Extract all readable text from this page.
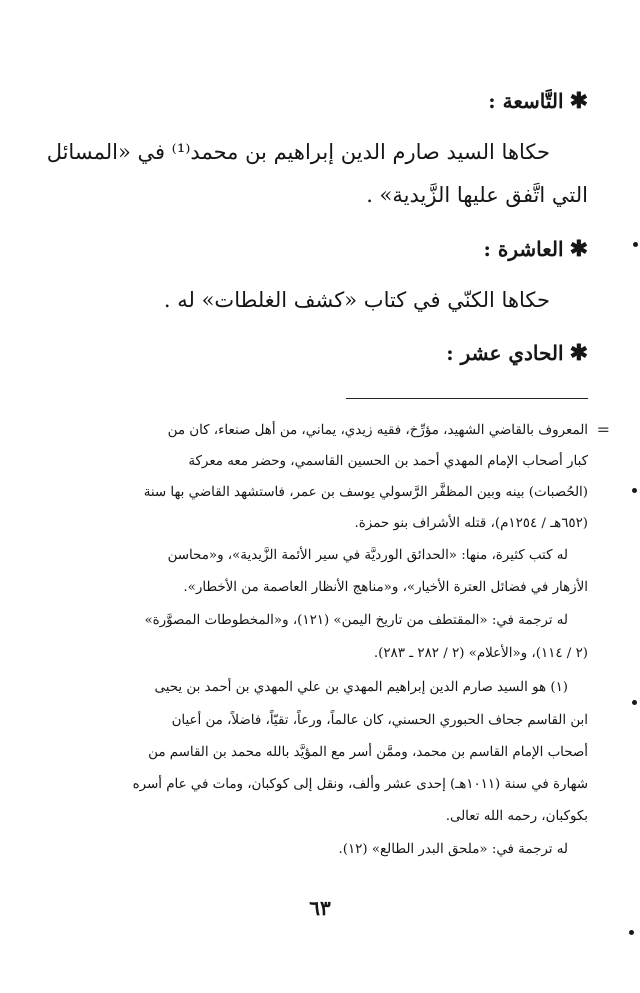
✱التَّاسعة :
حكاها السيد صارم الدين إبراهيم بن محمد⁽¹⁾ في «المسائل
التي اتَّفق عليها الزَّيدية» .
✱العاشرة :
حكاها الكنّي في كتاب «كشف الغلطات» له .
✱الحادي عشر :
=
المعروف بالقاضي الشهيد، مؤرِّخ، فقيه زيدي، يماني، من أهل صنعاء، كان من
كبار أصحاب الإمام المهدي أحمد بن الحسين القاسمي، وحضر معه معركة
(الحُصبات) بينه وبين المظفَّر الرَّسولي يوسف بن عمر، فاستشهد القاضي بها سنة
(٦٥٢هـ / ١٢٥٤م)، قتله الأشراف بنو حمزة.
له كتب كثيرة، منها: «الحدائق الورديَّة في سير الأئمة الزَّيدية»، و«محاسن
الأزهار في فضائل العترة الأخيار»، و«مناهج الأنظار العاصمة من الأخطار».
له ترجمة في: «المقتطف من تاريخ اليمن» (١٢١)، و«المخطوطات المصوَّرة»
(٢ / ١١٤)، و«الأعلام» (٢ / ٢٨٢ ـ ٢٨٣).
(١) هو السيد صارم الدين إبراهيم المهدي بن علي المهدي بن أحمد بن يحيى
ابن القاسم جحاف الحبوري الحسني، كان عالماً، ورعاً، تقيّاً، فاضلاً، من أعيان
أصحاب الإمام القاسم بن محمد، وممَّن أسر مع المؤيَّد بالله محمد بن القاسم من
شهارة في سنة (١٠١١هـ) إحدى عشر وألف، ونقل إلى كوكبان، ومات في عام أسره
بكوكبان، رحمه الله تعالى.
له ترجمة في: «ملحق البدر الطالع» (١٢).
٦٣
